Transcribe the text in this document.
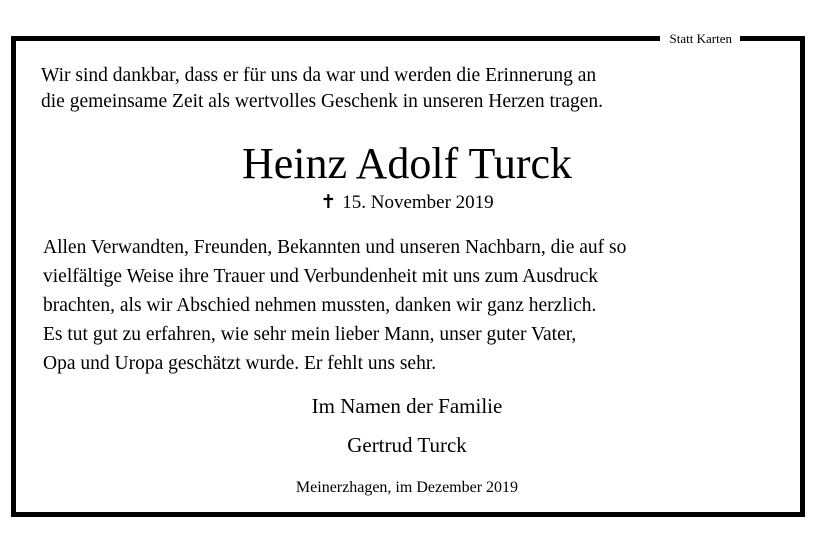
Statt Karten
Wir sind dankbar, dass er für uns da war und werden die Erinnerung an
die gemeinsame Zeit als wertvolles Geschenk in unseren Herzen tragen.
Heinz Adolf Turck
✝ 15. November 2019
Allen Verwandten, Freunden, Bekannten und unseren Nachbarn, die auf so
vielfältige Weise ihre Trauer und Verbundenheit mit uns zum Ausdruck
brachten, als wir Abschied nehmen mussten, danken wir ganz herzlich.
Es tut gut zu erfahren, wie sehr mein lieber Mann, unser guter Vater,
Opa und Uropa geschätzt wurde. Er fehlt uns sehr.
Im Namen der Familie
Gertrud Turck
Meinerzhagen, im Dezember 2019
